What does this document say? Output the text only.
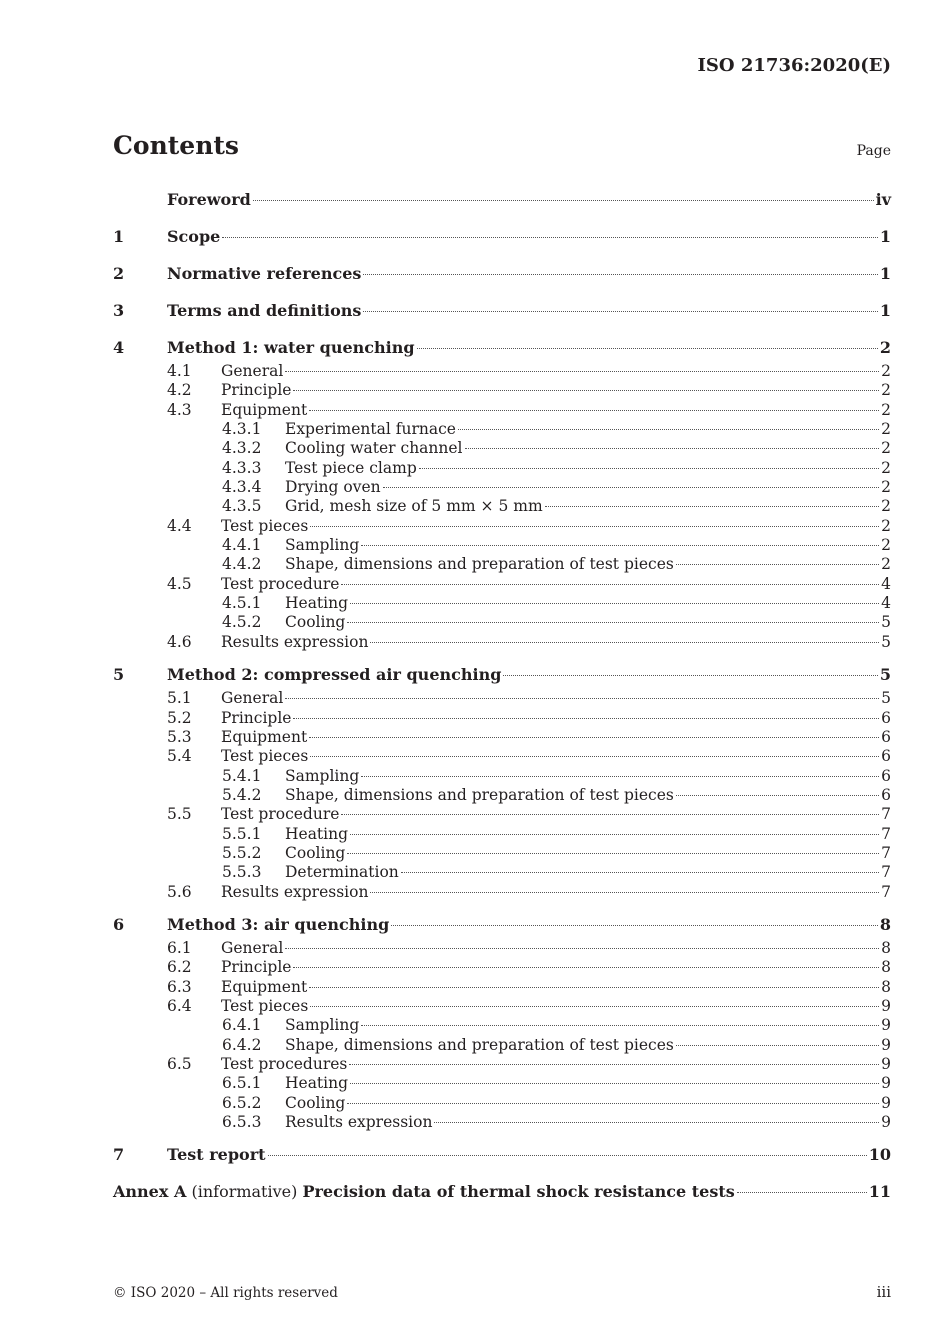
ISO 21736:2020(E)
Contents	Page
Foreword	iv
1	Scope	1
2	Normative references	1
3	Terms and definitions	1
4	Method 1: water quenching	2
4.1	General	2
4.2	Principle	2
4.3	Equipment	2
4.3.1	Experimental furnace	2
4.3.2	Cooling water channel	2
4.3.3	Test piece clamp	2
4.3.4	Drying oven	2
4.3.5	Grid, mesh size of 5 mm × 5 mm	2
4.4	Test pieces	2
4.4.1	Sampling	2
4.4.2	Shape, dimensions and preparation of test pieces	2
4.5	Test procedure	4
4.5.1	Heating	4
4.5.2	Cooling	5
4.6	Results expression	5
5	Method 2: compressed air quenching	5
5.1	General	5
5.2	Principle	6
5.3	Equipment	6
5.4	Test pieces	6
5.4.1	Sampling	6
5.4.2	Shape, dimensions and preparation of test pieces	6
5.5	Test procedure	7
5.5.1	Heating	7
5.5.2	Cooling	7
5.5.3	Determination	7
5.6	Results expression	7
6	Method 3: air quenching	8
6.1	General	8
6.2	Principle	8
6.3	Equipment	8
6.4	Test pieces	9
6.4.1	Sampling	9
6.4.2	Shape, dimensions and preparation of test pieces	9
6.5	Test procedures	9
6.5.1	Heating	9
6.5.2	Cooling	9
6.5.3	Results expression	9
7	Test report	10
Annex A (informative) Precision data of thermal shock resistance tests	11
© ISO 2020 – All rights reserved	iii
